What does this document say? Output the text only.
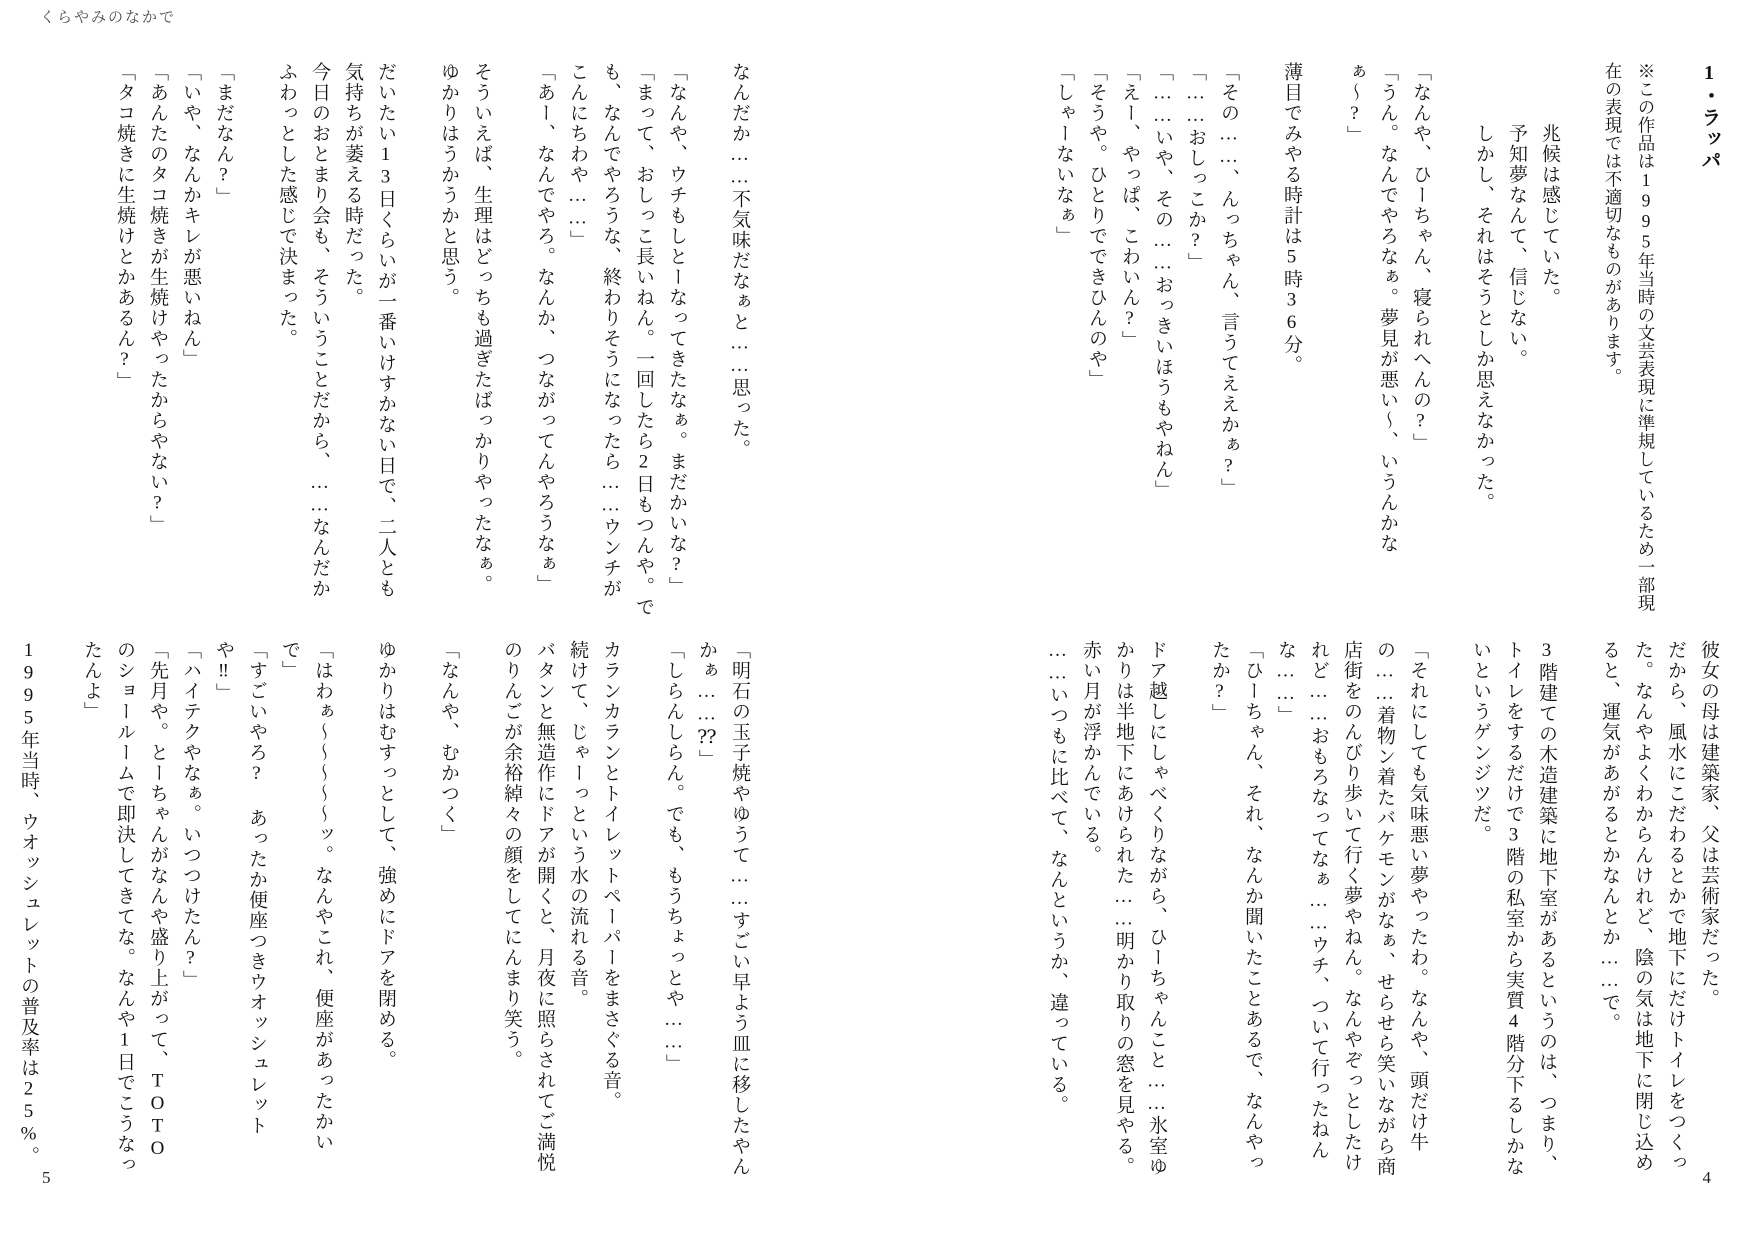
くらやみのなかで

なんだか……不気味だなぁと……思った。

「なんや、ウチもしとーなってきたなぁ。まだかいな?」

「まって、おしっこ長いねん。一回したら2日もつんや。でも、なんでやろうな、終わりそうになったら……ウンチがこんにちわや……」

「あー、なんでやろ。なんか、つながってんやろうなぁ」

そういえば、生理はどっちも過ぎたばっかりやったなぁ。

ゆかりはうかうかと思う。

だいたい13日くらいが一番いけすかない日で、二人とも気持ちが萎える時だった。

今日のおとまり会も、そういうことだから、……なんだかふわっとした感じで決まった。

「まだなん?」

「いや、なんかキレが悪いねん」

「あんたのタコ焼きが生焼けやったからやない?」

「タコ焼きに生焼けとかあるん?」

「明石の玉子焼やゆうて……すごい早よう皿に移したやんかぁ……⁇」

「しらんしらん。でも、もうちょっとや……」

カランカランとトイレットペーパーをまさぐる音。

続けて、じゃーっという水の流れる音。

バタンと無造作にドアが開くと、月夜に照らされてご満悦のりんごが余裕綽々の顔をしてにんまり笑う。

「なんや、むかつく」

ゆかりはむすっとして、強めにドアを閉める。

「はわぁ〜〜〜〜〜ッ。なんやこれ、便座があったかいで」

「すごいやろ? あったか便座つきウオッシュレットや‼」

「ハイテクやなぁ。いつつけたん?」

「先月や。とーちゃんがなんや盛り上がって、TOTOのショールームで即決してきてな。なんや1日でこうなったんよ」

1995年当時、ウオッシュレットの普及率は25%。

5

1・ラッパ

※この作品は1995年当時の文芸表現に準規しているため一部現在の表現では不適切なものがあります。

　　　兆候は感じていた。

　　　予知夢なんて、信じない。

　　　しかし、それはそうとしか思えなかった。

「なんや、ひーちゃん、寝られへんの?」

「うん。なんでやろなぁ。夢見が悪い〜、いうんかなぁ〜?」

薄目でみやる時計は5時36分。

「その……、んっちゃん、言うてええかぁ?」

「……おしっこか?」

「……いや、その……おっきいほうもやねん」

「えー、やっぱ、こわいん?」

「そうや。ひとりでできひんのや」

「しゃーないなぁ」

彼女の母は建築家、父は芸術家だった。

だから、風水にこだわるとかで地下にだけトイレをつくった。なんやよくわからんけれど、陰の気は地下に閉じ込めると、運気があがるとかなんとか……で。

3階建ての木造建築に地下室があるというのは、つまり、トイレをするだけで3階の私室から実質4階分下るしかないというゲンジツだ。

「それにしても気味悪い夢やったわ。なんや、頭だけ牛の……着物ン着たバケモンがなぁ、せらせら笑いながら商店街をのんびり歩いて行く夢やねん。なんやぞっとしたけれど……おもろなってなぁ……ウチ、ついて行ったねんな……」

「ひーちゃん、それ、なんか聞いたことあるで、なんやったか?」

ドア越しにしゃべくりながら、ひーちゃんこと……氷室ゆかりは半地下にあけられた……明かり取りの窓を見やる。

赤い月が浮かんでいる。

……いつもに比べて、なんというか、違っている。

4
